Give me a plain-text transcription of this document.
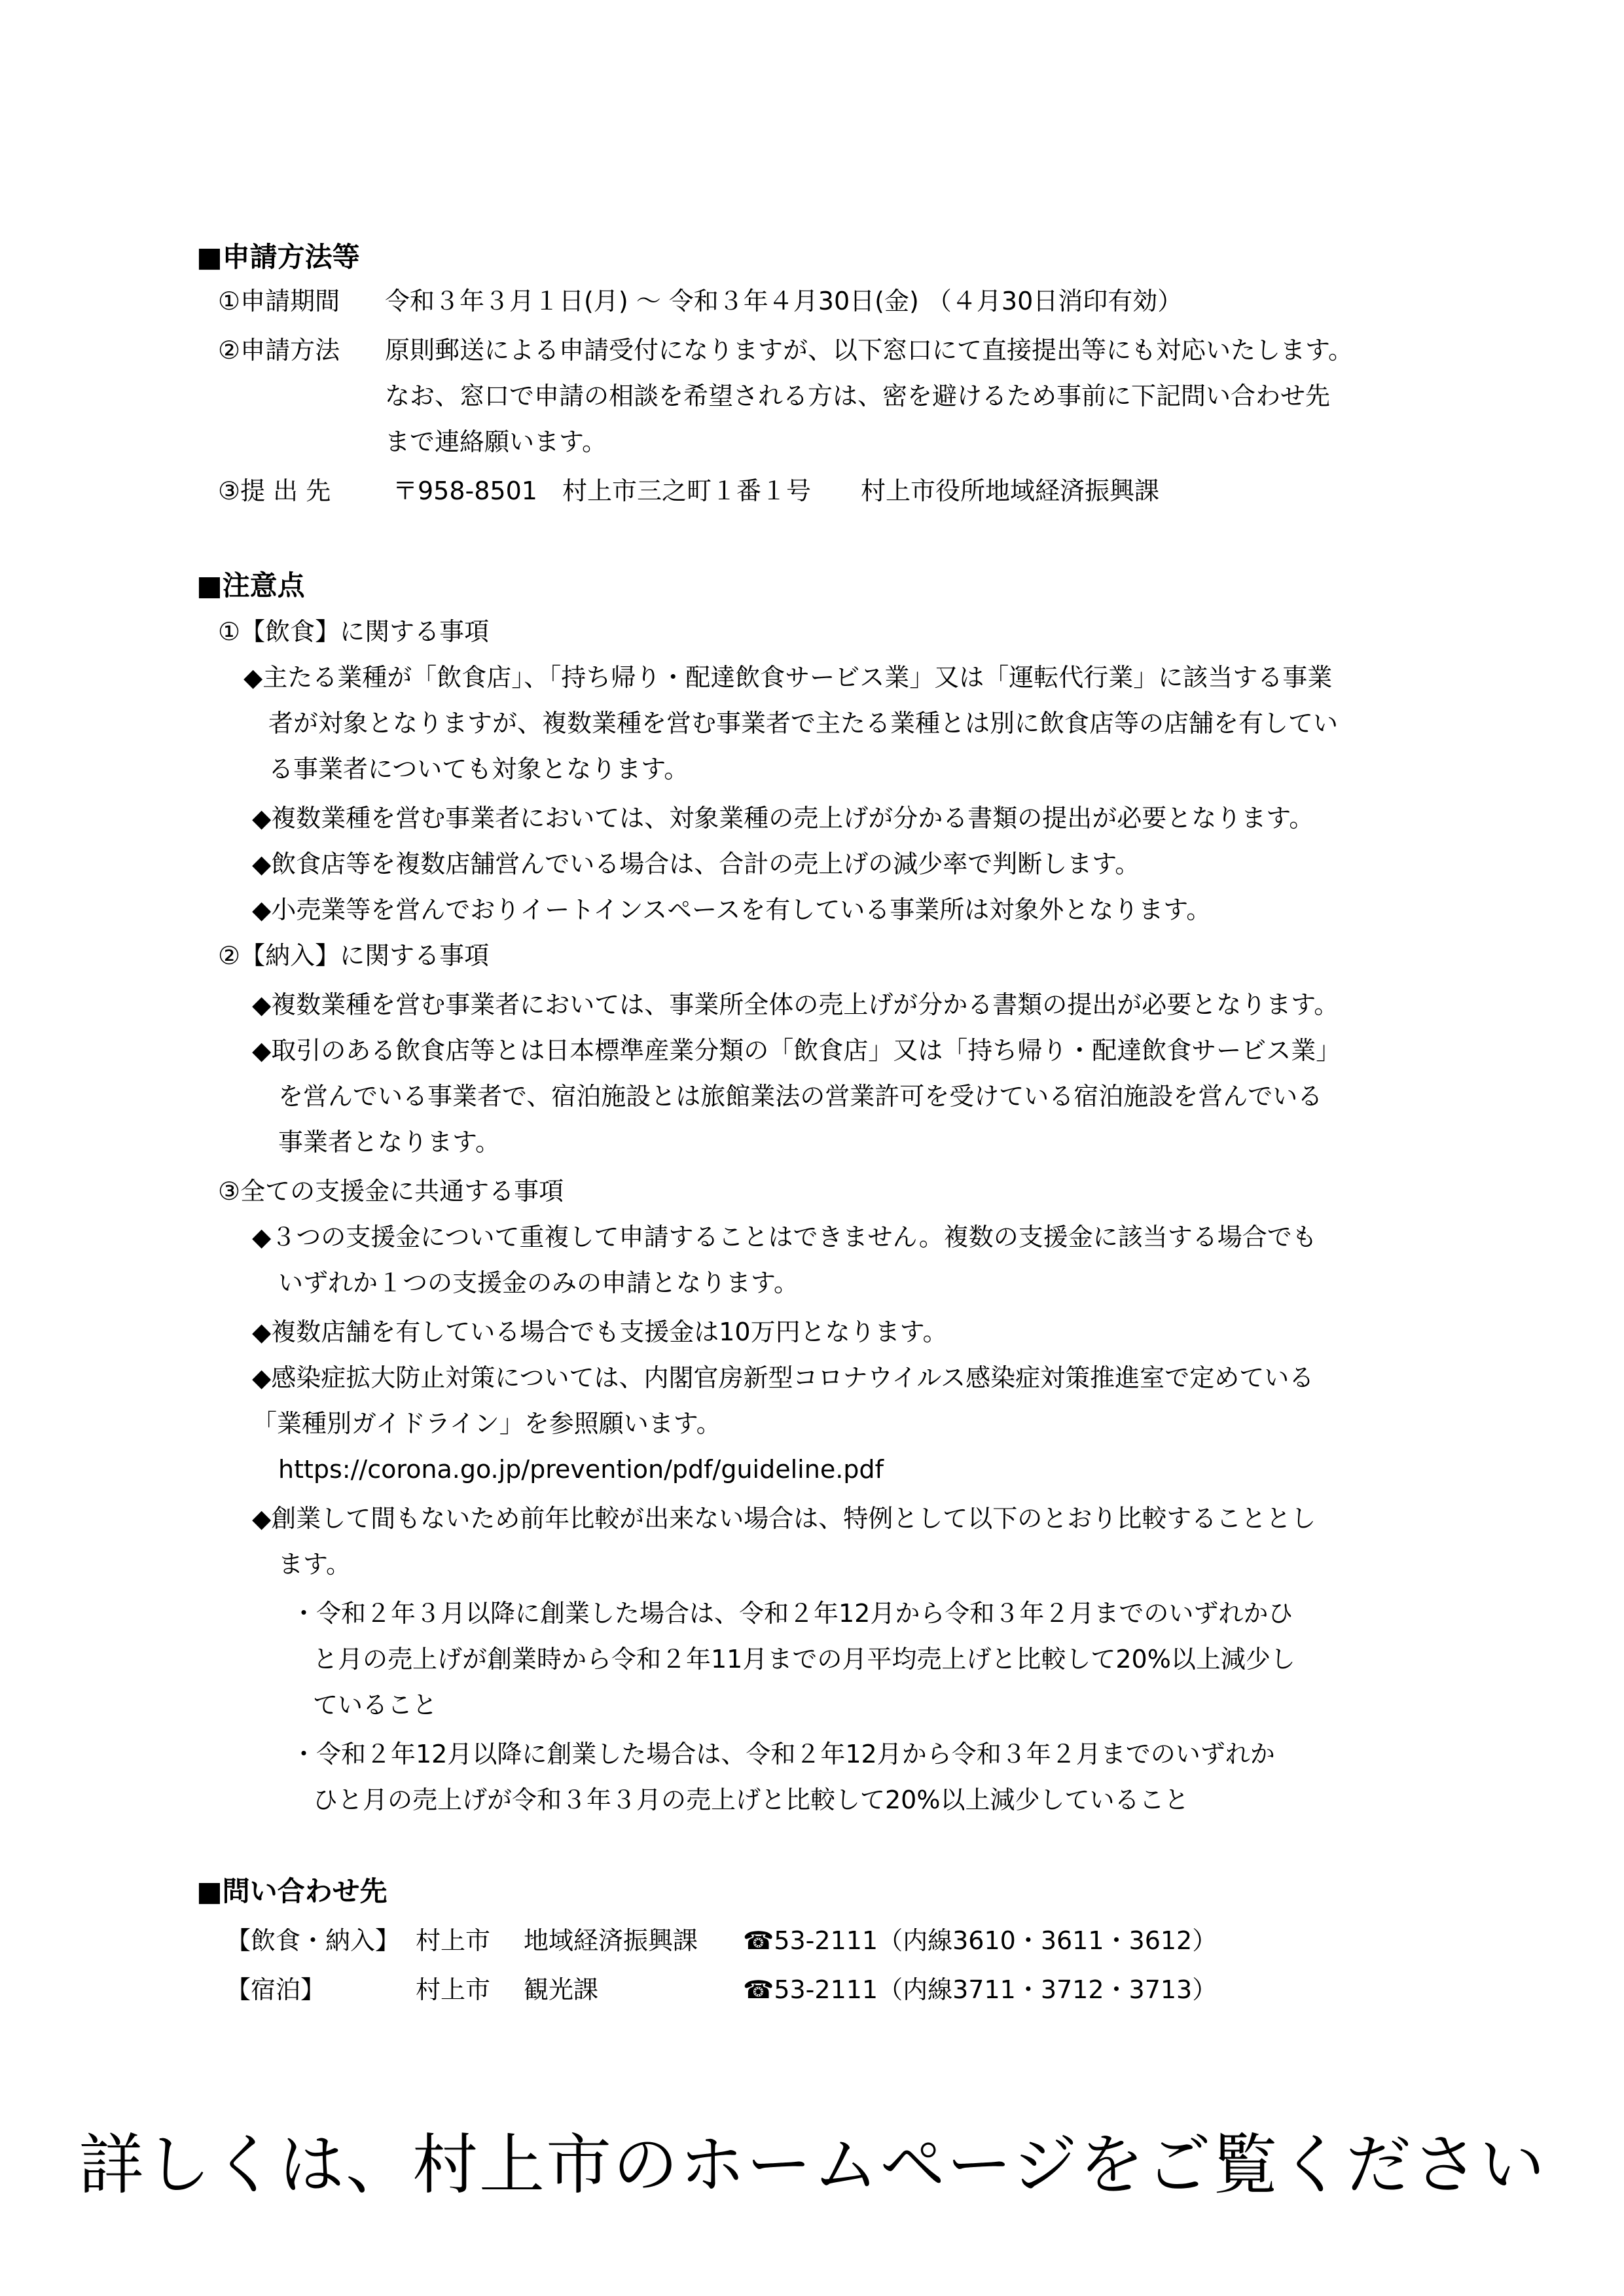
■申請方法等
①申請期間 令和３年３月１日(月) ～ 令和３年４月30日(金) （４月30日消印有効）
②申請方法 原則郵送による申請受付になりますが、以下窓口にて直接提出等にも対応いたします。
なお、窓口で申請の相談を希望される方は、密を避けるため事前に下記問い合わせ先
まで連絡願います。
③提 出 先 〒958-8501　村上市三之町１番１号　　村上市役所地域経済振興課
■注意点
①【飲食】に関する事項
◆主たる業種が「飲食店」、「持ち帰り・配達飲食サービス業」又は「運転代行業」に該当する事業
者が対象となりますが、複数業種を営む事業者で主たる業種とは別に飲食店等の店舗を有してい
る事業者についても対象となります。
◆複数業種を営む事業者においては、対象業種の売上げが分かる書類の提出が必要となります。
◆飲食店等を複数店舗営んでいる場合は、合計の売上げの減少率で判断します。
◆小売業等を営んでおりイートインスペースを有している事業所は対象外となります。
②【納入】に関する事項
◆複数業種を営む事業者においては、事業所全体の売上げが分かる書類の提出が必要となります。
◆取引のある飲食店等とは日本標準産業分類の「飲食店」又は「持ち帰り・配達飲食サービス業」
を営んでいる事業者で、宿泊施設とは旅館業法の営業許可を受けている宿泊施設を営んでいる
事業者となります。
③全ての支援金に共通する事項
◆３つの支援金について重複して申請することはできません。複数の支援金に該当する場合でも
いずれか１つの支援金のみの申請となります。
◆複数店舗を有している場合でも支援金は10万円となります。
◆感染症拡大防止対策については、内閣官房新型コロナウイルス感染症対策推進室で定めている
「業種別ガイドライン」を参照願います。
https://corona.go.jp/prevention/pdf/guideline.pdf
◆創業して間もないため前年比較が出来ない場合は、特例として以下のとおり比較することとし
ます。
・令和２年３月以降に創業した場合は、令和２年12月から令和３年２月までのいずれかひ
と月の売上げが創業時から令和２年11月までの月平均売上げと比較して20%以上減少し
ていること
・令和２年12月以降に創業した場合は、令和２年12月から令和３年２月までのいずれか
ひと月の売上げが令和３年３月の売上げと比較して20%以上減少していること
■問い合わせ先
【飲食・納入】 村上市 地域経済振興課 ☎53-2111（内線3610・3611・3612）
【宿泊】	村上市 観光課	☎53-2111（内線3711・3712・3713）
詳しくは、村上市のホームページをご覧ください
